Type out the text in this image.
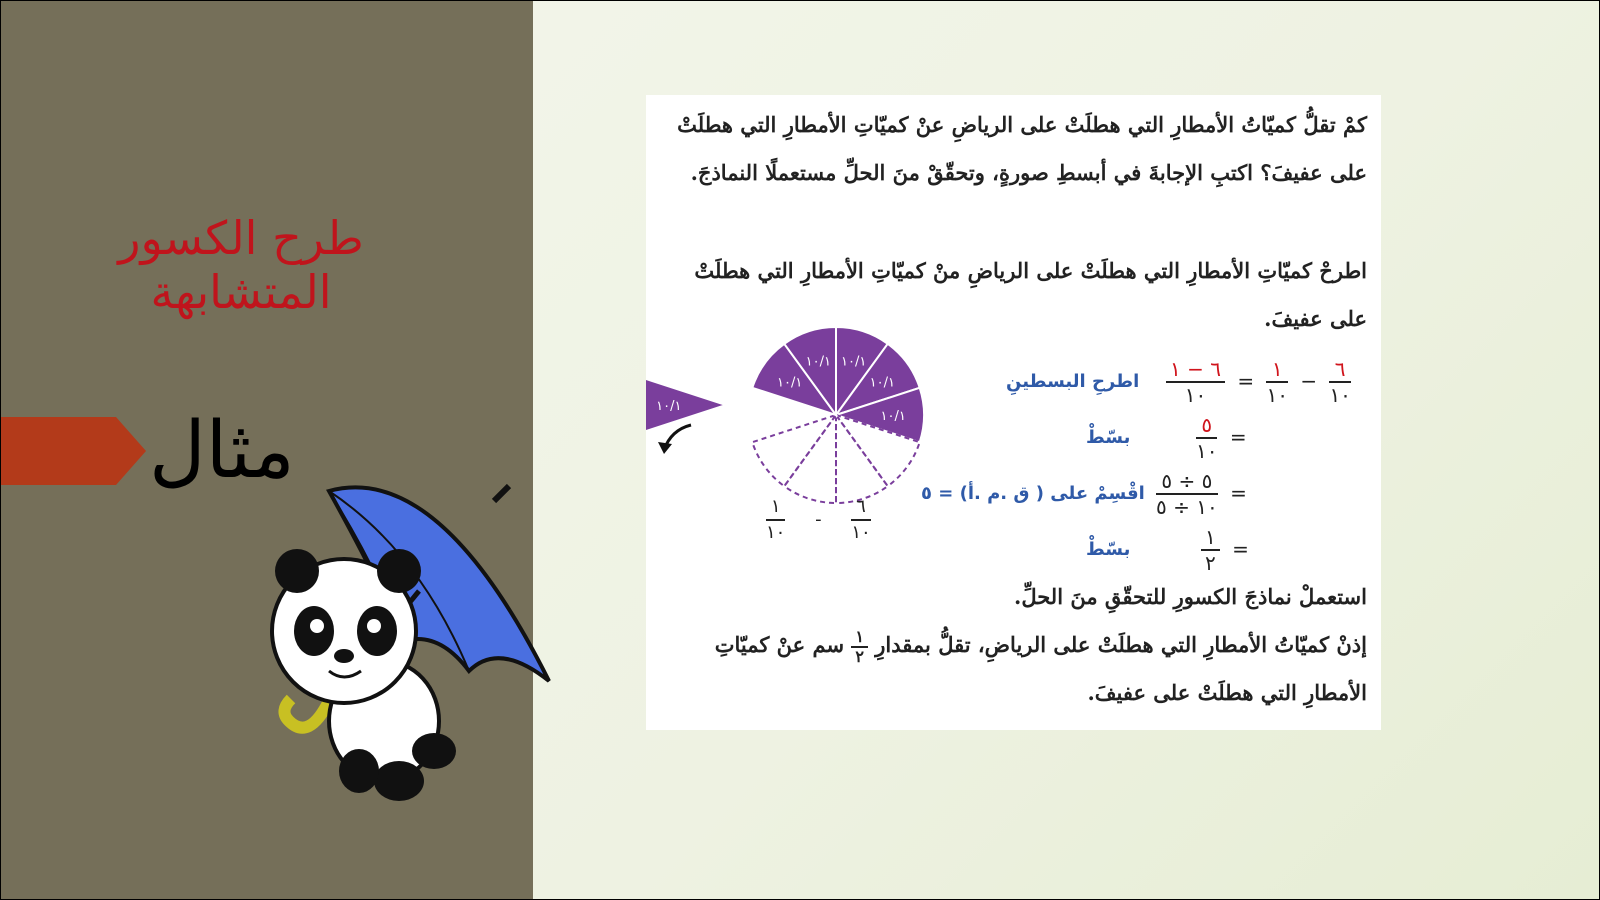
طرح الكسور المتشابهة
مثال
كمْ تقلُّ كميّاتُ الأمطارِ التي هطلَتْ على الرياضِ عنْ كميّاتِ الأمطارِ التي هطلَتْ على عفيفَ؟ اكتبِ الإجابةَ في أبسطِ صورةٍ، وتحقّقْ منَ الحلِّ مستعملًا النماذجَ.
اطرحْ كميّاتِ الأمطارِ التي هطلَتْ على الرياضِ منْ كميّاتِ الأمطارِ التي هطلَتْ على عفيفَ.
$\frac{٦ - ١}{١٠} = \frac{١}{١٠} - \frac{٦}{١٠}$
اطرحِ البسطينِ
$\frac{٥}{١٠}$ =
بسّطْ
$\frac{٥ \div ٥}{١٠ \div ٥}$ =
اقْسِمْ على ( ق .م .أ) = ٥
$\frac{١}{٢}$ =
بسّطْ
١٠/١
١٠/١
١٠/١
١٠/١
١٠/١
١٠/١
$\frac{١}{١٠} - \frac{٦}{١٠}$
استعملْ نماذجَ الكسورِ للتحقّقِ منَ الحلِّ.
إذنْ كميّاتُ الأمطارِ التي هطلَتْ على الرياضِ، تقلُّ بمقدارِ
$\frac{١}{٢}$
سم عنْ كميّاتِ الأمطارِ التي هطلَتْ على عفيفَ.
